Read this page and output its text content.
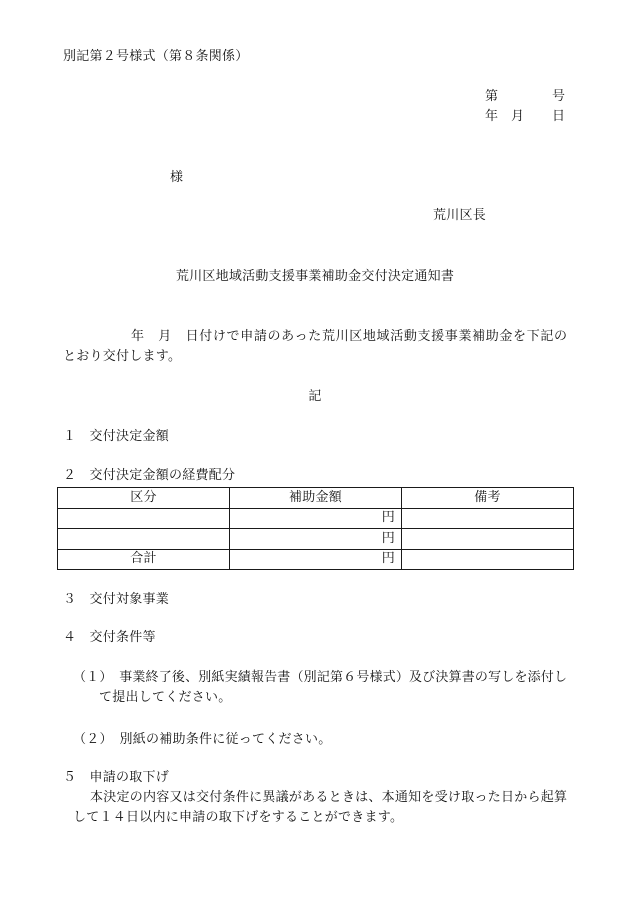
別記第２号様式（第８条関係）
第	号
年 月 日
様
荒川区長
荒川区地域活動支援事業補助金交付決定通知書
年　月　日付けで申請のあった荒川区地域活動支援事業補助金を下記の
とおり交付します。
記
１　交付決定金額
２　交付決定金額の経費配分
区分	補助金額	備考
	円	
	円	
合計	円	
３　交付対象事業
４　交付条件等
（１）　事業終了後、別紙実績報告書（別記第６号様式）及び決算書の写しを添付し
て提出してください。
（２）　別紙の補助条件に従ってください。
５　申請の取下げ
本決定の内容又は交付条件に異議があるときは、本通知を受け取った日から起算
して１４日以内に申請の取下げをすることができます。
